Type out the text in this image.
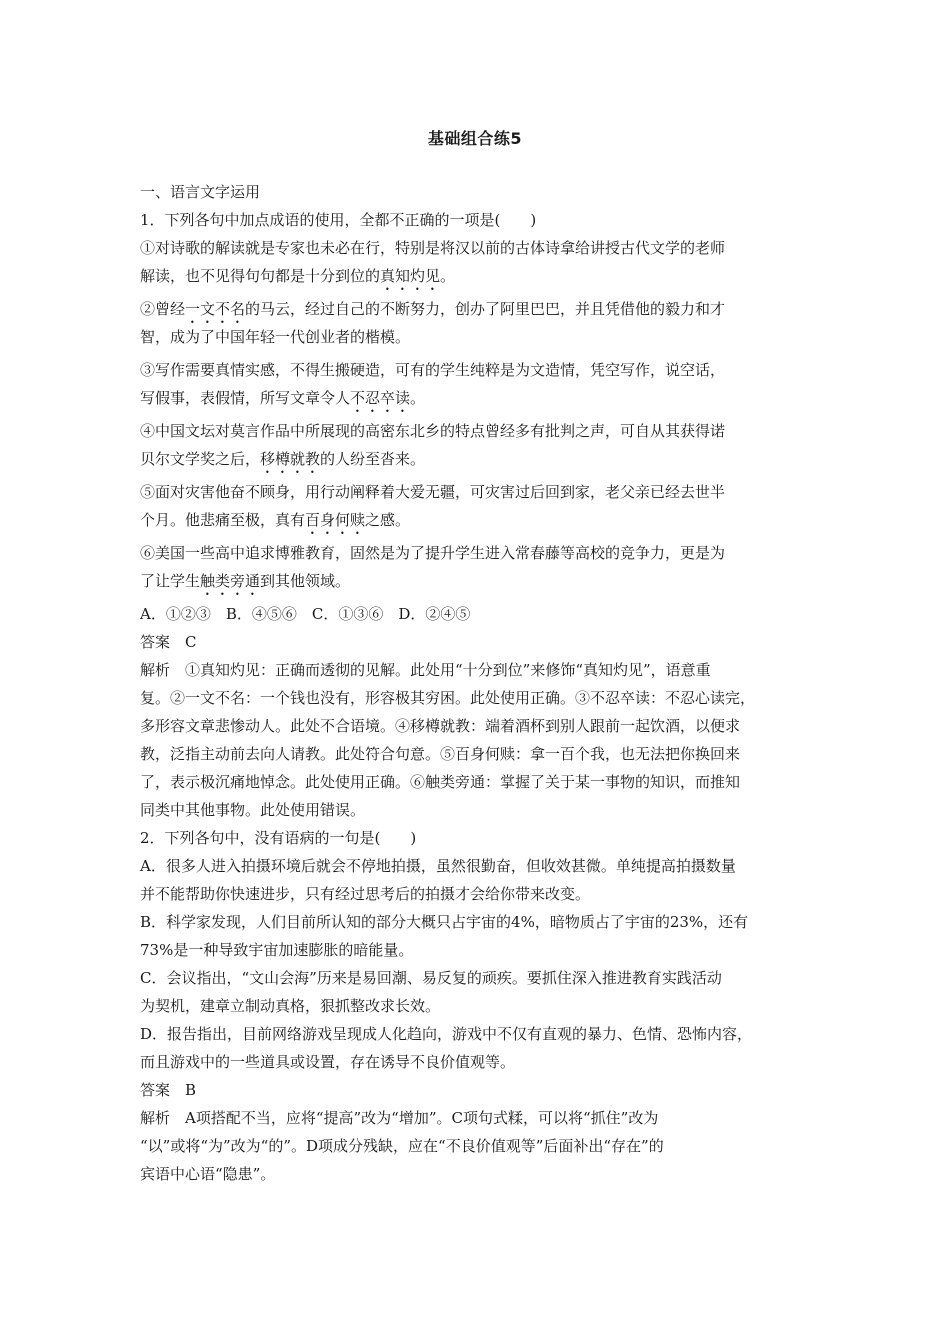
基础组合练5
一、语言文字运用
1．下列各句中加点成语的使用，全都不正确的一项是(　　)
①对诗歌的解读就是专家也未必在行，特别是将汉以前的古体诗拿给讲授古代文学的老师
解读，也不见得句句都是十分到位的真知灼见。
②曾经一文不名的马云，经过自己的不断努力，创办了阿里巴巴，并且凭借他的毅力和才
智，成为了中国年轻一代创业者的楷模。
③写作需要真情实感，不得生搬硬造，可有的学生纯粹是为文造情，凭空写作，说空话，
写假事，表假情，所写文章令人不忍卒读。
④中国文坛对莫言作品中所展现的高密东北乡的特点曾经多有批判之声，可自从其获得诺
贝尔文学奖之后，移樽就教的人纷至沓来。
⑤面对灾害他奋不顾身，用行动阐释着大爱无疆，可灾害过后回到家，老父亲已经去世半
个月。他悲痛至极，真有百身何赎之感。
⑥美国一些高中追求博雅教育，固然是为了提升学生进入常春藤等高校的竞争力，更是为
了让学生触类旁通到其他领域。
A．①②③　B．④⑤⑥　C．①③⑥　D．②④⑤
答案　C
解析　①真知灼见：正确而透彻的见解。此处用“十分到位”来修饰“真知灼见”，语意重
复。②一文不名：一个钱也没有，形容极其穷困。此处使用正确。③不忍卒读：不忍心读完，
多形容文章悲惨动人。此处不合语境。④移樽就教：端着酒杯到别人跟前一起饮酒，以便求
教，泛指主动前去向人请教。此处符合句意。⑤百身何赎：拿一百个我，也无法把你换回来
了，表示极沉痛地悼念。此处使用正确。⑥触类旁通：掌握了关于某一事物的知识，而推知
同类中其他事物。此处使用错误。
2．下列各句中，没有语病的一句是(　　)
A．很多人进入拍摄环境后就会不停地拍摄，虽然很勤奋，但收效甚微。单纯提高拍摄数量
并不能帮助你快速进步，只有经过思考后的拍摄才会给你带来改变。
B．科学家发现，人们目前所认知的部分大概只占宇宙的4%，暗物质占了宇宙的23%，还有
73%是一种导致宇宙加速膨胀的暗能量。
C．会议指出，“文山会海”历来是易回潮、易反复的顽疾。要抓住深入推进教育实践活动
为契机，建章立制动真格，狠抓整改求长效。
D．报告指出，目前网络游戏呈现成人化趋向，游戏中不仅有直观的暴力、色情、恐怖内容，
而且游戏中的一些道具或设置，存在诱导不良价值观等。
答案　B
解析　A项搭配不当，应将“提高”改为“增加”。C项句式糅，可以将“抓住”改为
“以”或将“为”改为“的”。D项成分残缺，应在“不良价值观等”后面补出“存在”的
宾语中心语“隐患”。
